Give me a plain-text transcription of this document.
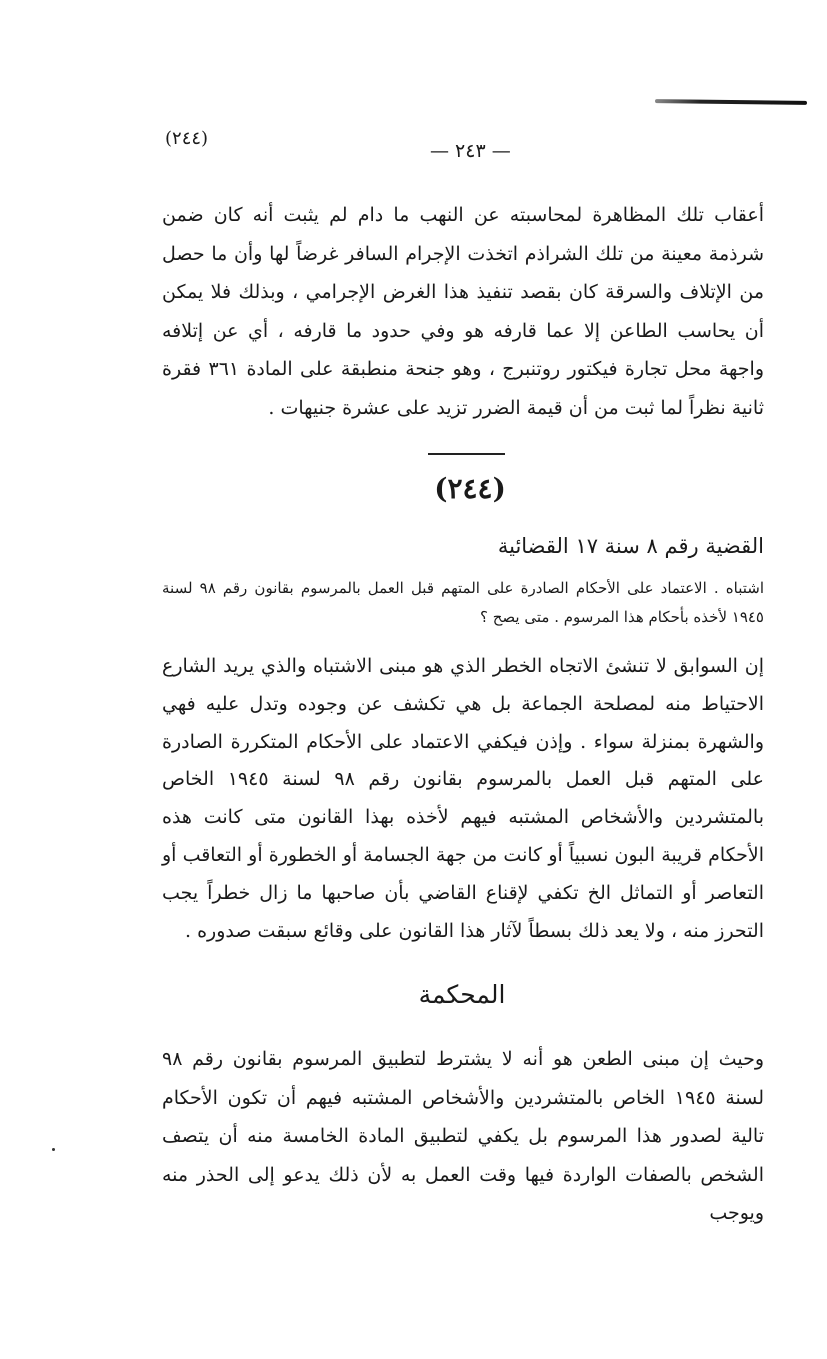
(٢٤٤)
— ٢٤٣ —

أعقاب تلك المظاهرة لمحاسبته عن النهب ما دام لم يثبت أنه كان ضمن شرذمة معينة من تلك الشراذم اتخذت الإجرام السافر غرضاً لها وأن ما حصل من الإتلاف والسرقة كان بقصد تنفيذ هذا الغرض الإجرامي ، وبذلك فلا يمكن أن يحاسب الطاعن إلا عما قارفه هو وفي حدود ما قارفه ، أي عن إتلافه واجهة محل تجارة فيكتور روتنبرج ، وهو جنحة منطبقة على المادة ٣٦١ فقرة ثانية نظراً لما ثبت من أن قيمة الضرر تزيد على عشرة جنيهات .

(٢٤٤)

القضية رقم ٨ سنة ١٧ القضائية

اشتباه . الاعتماد على الأحكام الصادرة على المتهم قبل العمل بالمرسوم بقانون رقم ٩٨ لسنة ١٩٤٥ لأخذه بأحكام هذا المرسوم . متى يصح ؟

إن السوابق لا تنشئ الاتجاه الخطر الذي هو مبنى الاشتباه والذي يريد الشارع الاحتياط منه لمصلحة الجماعة بل هي تكشف عن وجوده وتدل عليه فهي والشهرة بمنزلة سواء . وإذن فيكفي الاعتماد على الأحكام المتكررة الصادرة على المتهم قبل العمل بالمرسوم بقانون رقم ٩٨ لسنة ١٩٤٥ الخاص بالمتشردين والأشخاص المشتبه فيهم لأخذه بهذا القانون متى كانت هذه الأحكام قريبة البون نسبياً أو كانت من جهة الجسامة أو الخطورة أو التعاقب أو التعاصر أو التماثل الخ تكفي لإقناع القاضي بأن صاحبها ما زال خطراً يجب التحرز منه ، ولا يعد ذلك بسطاً لآثار هذا القانون على وقائع سبقت صدوره .

المحكمة

وحيث إن مبنى الطعن هو أنه لا يشترط لتطبيق المرسوم بقانون رقم ٩٨ لسنة ١٩٤٥ الخاص بالمتشردين والأشخاص المشتبه فيهم أن تكون الأحكام تالية لصدور هذا المرسوم بل يكفي لتطبيق المادة الخامسة منه أن يتصف الشخص بالصفات الواردة فيها وقت العمل به لأن ذلك يدعو إلى الحذر منه ويوجب
